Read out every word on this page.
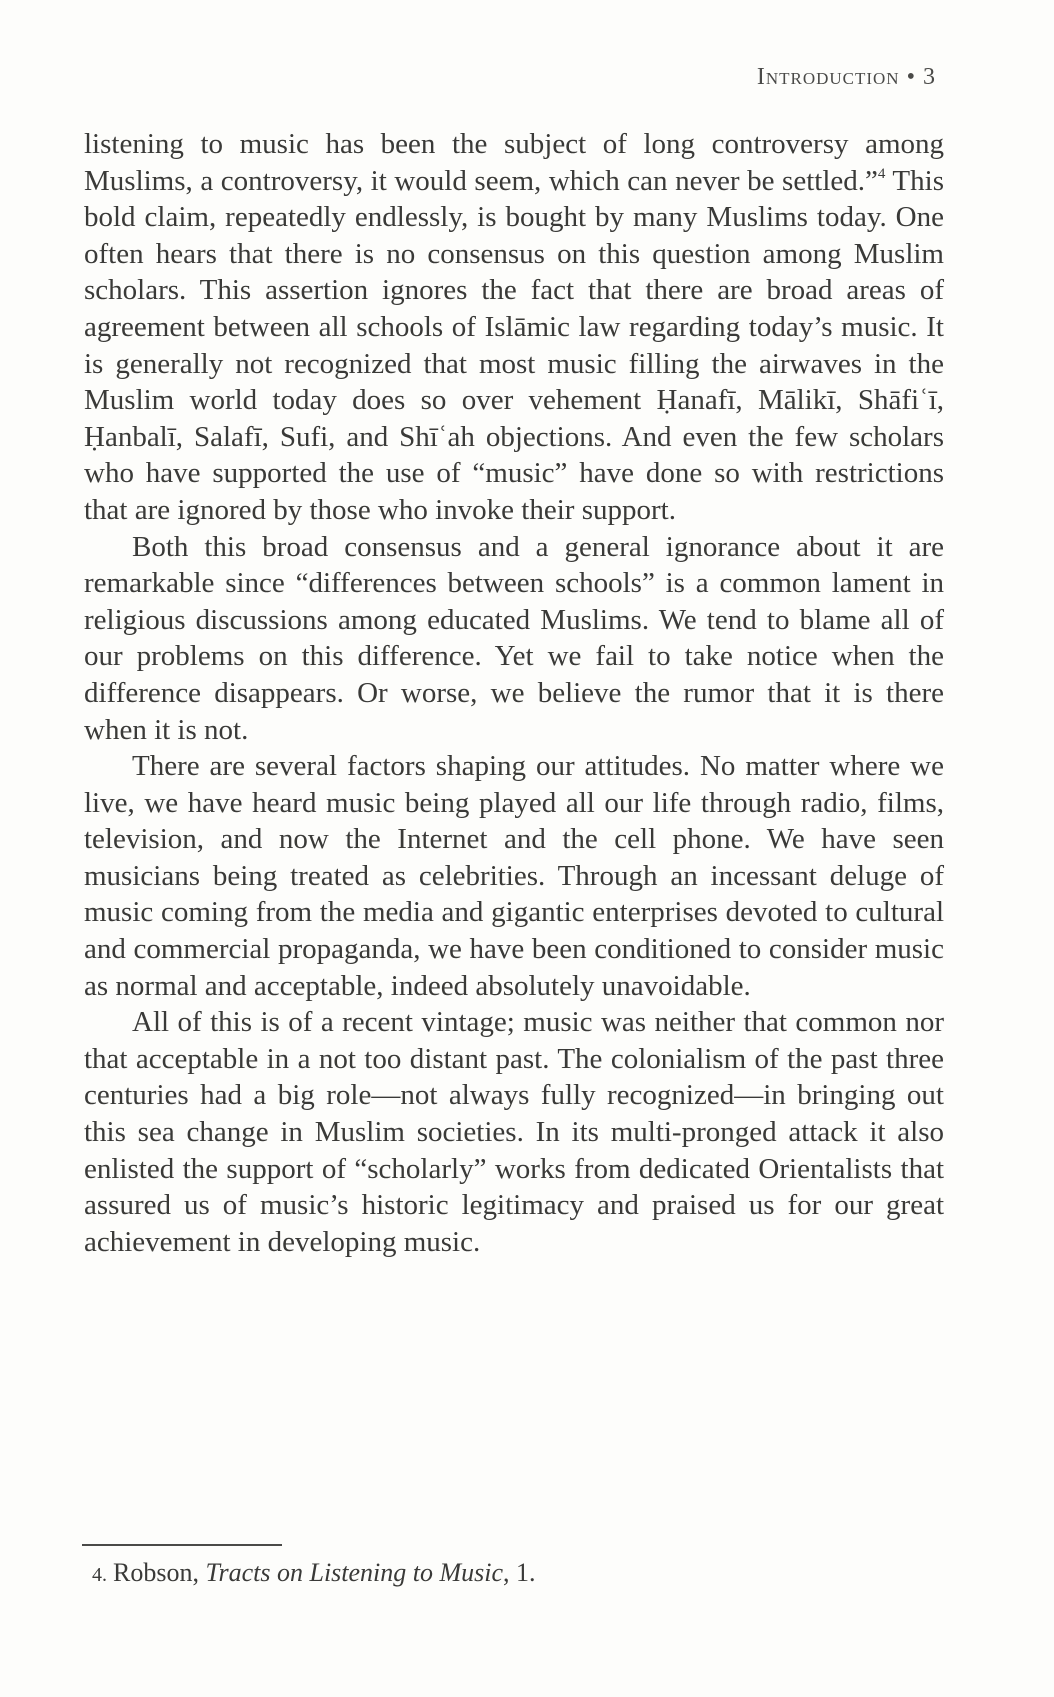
Introduction • 3

listening to music has been the subject of long controversy among Muslims, a controversy, it would seem, which can never be settled.”$^4$ This bold claim, repeatedly endlessly, is bought by many Muslims today. One often hears that there is no consensus on this question among Muslim scholars. This assertion ignores the fact that there are broad areas of agreement between all schools of Islāmic law regarding today’s music. It is generally not recognized that most music filling the airwaves in the Muslim world today does so over vehement Ḥanafī, Mālikī, Shāfiʿī, Ḥanbalī, Salafī, Sufi, and Shīʿah objections. And even the few scholars who have supported the use of “music” have done so with restrictions that are ignored by those who invoke their support.

Both this broad consensus and a general ignorance about it are remarkable since “differences between schools” is a common lament in religious discussions among educated Muslims. We tend to blame all of our problems on this difference. Yet we fail to take notice when the difference disappears. Or worse, we believe the rumor that it is there when it is not.

There are several factors shaping our attitudes. No matter where we live, we have heard music being played all our life through radio, films, television, and now the Internet and the cell phone. We have seen musicians being treated as celebrities. Through an incessant deluge of music coming from the media and gigantic enterprises devoted to cultural and commercial propaganda, we have been conditioned to consider music as normal and acceptable, indeed absolutely unavoidable.

All of this is of a recent vintage; music was neither that common nor that acceptable in a not too distant past. The colonialism of the past three centuries had a big role—not always fully recognized—in bringing out this sea change in Muslim societies. In its multi-pronged attack it also enlisted the support of “scholarly” works from dedicated Orientalists that assured us of music’s historic legitimacy and praised us for our great achievement in developing music.

4. Robson, Tracts on Listening to Music, 1.
